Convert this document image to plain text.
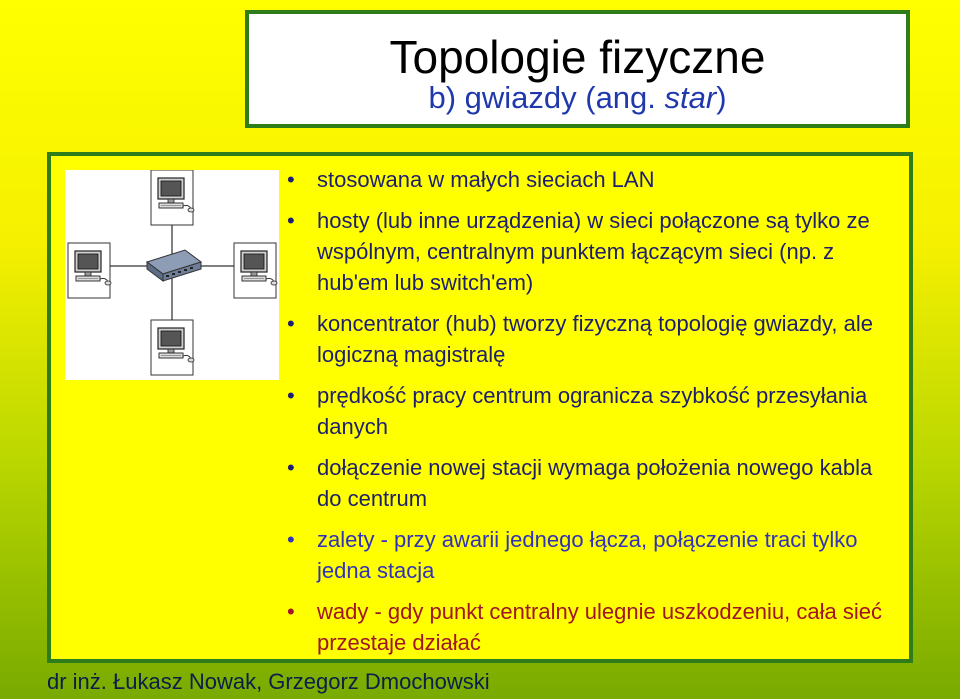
Topologie fizyczne
b) gwiazdy (ang. star)
• stosowana w małych sieciach LAN
• hosty (lub inne urządzenia) w sieci połączone są tylko ze wspólnym, centralnym punktem łączącym sieci (np. z hub'em lub switch'em)
• koncentrator (hub) tworzy fizyczną topologię gwiazdy, ale logiczną magistralę
• prędkość pracy centrum ogranicza szybkość przesyłania danych
• dołączenie nowej stacji wymaga położenia nowego kabla do centrum
• zalety - przy awarii jednego łącza, połączenie traci tylko jedna stacja
• wady - gdy punkt centralny ulegnie uszkodzeniu, cała sieć przestaje działać
dr inż. Łukasz Nowak, Grzegorz Dmochowski
